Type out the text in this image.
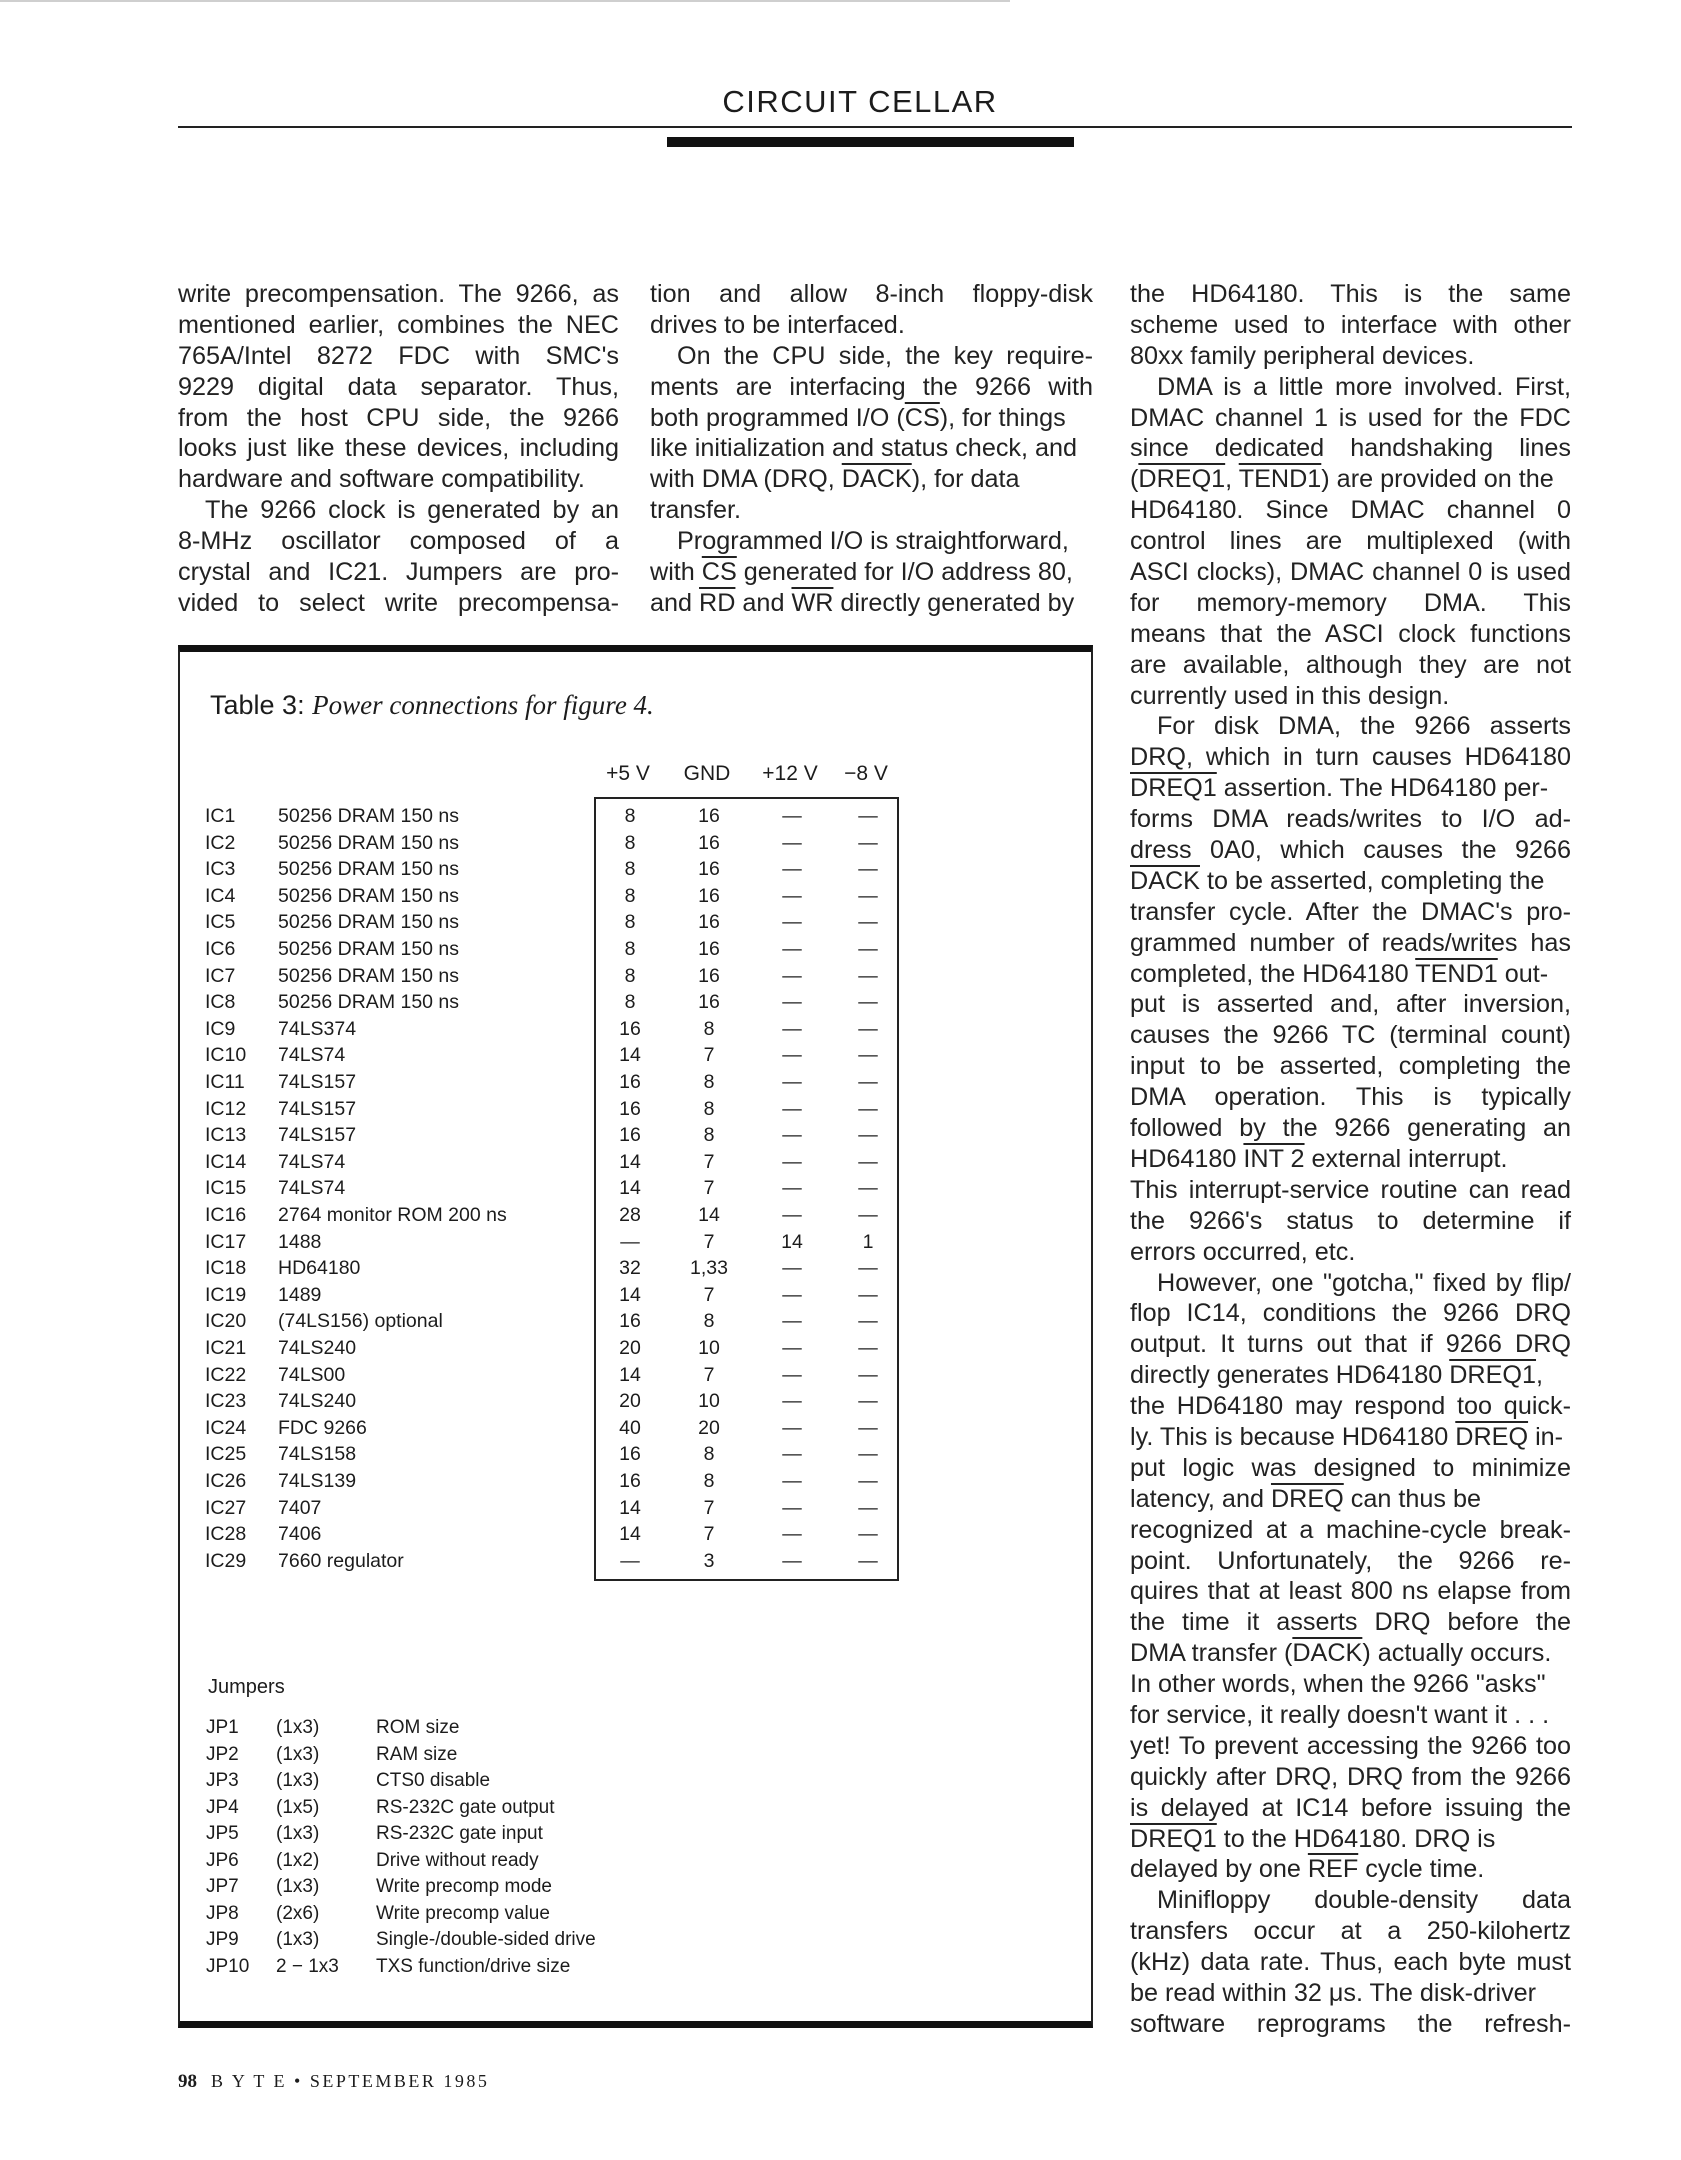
CIRCUIT CELLAR
write precompensation. The 9266, as
mentioned earlier, combines the NEC
765A/Intel 8272 FDC with SMC's
9229 digital data separator. Thus,
from the host CPU side, the 9266
looks just like these devices, including
hardware and software compatibility.
The 9266 clock is generated by an
8-MHz oscillator composed of a
crystal and IC21. Jumpers are pro-
vided to select write precompensa-
tion and allow 8-inch floppy-disk
drives to be interfaced.
On the CPU side, the key require-
ments are interfacing the 9266 with
both programmed I/O $(\overline{CS})$, for things
like initialization and status check, and
with DMA (DRQ, DACK), for data
transfer.
Programmed I/O is straightforward,
with $\overline{CS}$ generated for I/O address 80,
and $\overline{RD}$ and $\overline{WR}$ directly generated by
the HD64180. This is the same
scheme used to interface with other
80xx family peripheral devices.
DMA is a little more involved. First,
DMAC channel 1 is used for the FDC
since dedicated handshaking lines
(DREQ1, TEND1) are provided on the
HD64180. Since DMAC channel 0
control lines are multiplexed (with
ASCI clocks), DMAC channel 0 is used
for memory-memory DMA. This
means that the ASCI clock functions
are available, although they are not
currently used in this design.
For disk DMA, the 9266 asserts
DRQ, which in turn causes HD64180
DREQ1 assertion. The HD64180 per-
forms DMA reads/writes to I/O ad-
dress 0A0, which causes the 9266
DACK to be asserted, completing the
transfer cycle. After the DMAC's pro-
grammed number of reads/writes has
completed, the HD64180 TEND1 out-
put is asserted and, after inversion,
causes the 9266 TC (terminal count)
input to be asserted, completing the
DMA operation. This is typically
followed by the 9266 generating an
HD64180 INT 2 external interrupt.
This interrupt-service routine can read
the 9266's status to determine if
errors occurred, etc.
However, one "gotcha," fixed by flip/
flop IC14, conditions the 9266 DRQ
output. It turns out that if 9266 DRQ
directly generates HD64180 DREQ1,
the HD64180 may respond too quick-
ly. This is because HD64180 DREQ in-
put logic was designed to minimize
latency, and DREQ can thus be
recognized at a machine-cycle break-
point. Unfortunately, the 9266 re-
quires that at least 800 ns elapse from
the time it asserts DRQ before the
DMA transfer (DACK) actually occurs.
In other words, when the 9266 "asks"
for service, it really doesn't want it . . .
yet! To prevent accessing the 9266 too
quickly after DRQ, DRQ from the 9266
is delayed at IC14 before issuing the
DREQ1 to the HD64180. DRQ is
delayed by one $\overline{REF}$ cycle time.
Minifloppy double-density data
transfers occur at a 250-kilohertz
(kHz) data rate. Thus, each byte must
be read within 32 μs. The disk-driver
software reprograms the refresh-
Table 3: Power connections for figure 4.
+5 V	GND	+12 V	−8 V
IC1 50256 DRAM 150 ns	8	16	—	—
IC2 50256 DRAM 150 ns	8	16	—	—
IC3 50256 DRAM 150 ns	8	16	—	—
IC4 50256 DRAM 150 ns	8	16	—	—
IC5 50256 DRAM 150 ns	8	16	—	—
IC6 50256 DRAM 150 ns	8	16	—	—
IC7 50256 DRAM 150 ns	8	16	—	—
IC8 50256 DRAM 150 ns	8	16	—	—
IC9 74LS374	16	8	—	—
IC10 74LS74	14	7	—	—
IC11 74LS157	16	8	—	—
IC12 74LS157	16	8	—	—
IC13 74LS157	16	8	—	—
IC14 74LS74	14	7	—	—
IC15 74LS74	14	7	—	—
IC16 2764 monitor ROM 200 ns	28	14	—	—
IC17 1488	—	7	14	1
IC18 HD64180	32	1,33	—	—
IC19 1489	14	7	—	—
IC20 (74LS156) optional	16	8	—	—
IC21 74LS240	20	10	—	—
IC22 74LS00	14	7	—	—
IC23 74LS240	20	10	—	—
IC24 FDC 9266	40	20	—	—
IC25 74LS158	16	8	—	—
IC26 74LS139	16	8	—	—
IC27 7407	14	7	—	—
IC28 7406	14	7	—	—
IC29 7660 regulator	—	3	—	—
Jumpers
JP1 (1x3)	ROM size
JP2 (1x3)	RAM size
JP3 (1x3)	CTS0 disable
JP4 (1x5)	RS-232C gate output
JP5 (1x3)	RS-232C gate input
JP6 (1x2)	Drive without ready
JP7 (1x3)	Write precomp mode
JP8 (2x6)	Write precomp value
JP9 (1x3)	Single-/double-sided drive
JP10 2 − 1x3 TXS function/drive size
98 B Y T E • SEPTEMBER 1985
